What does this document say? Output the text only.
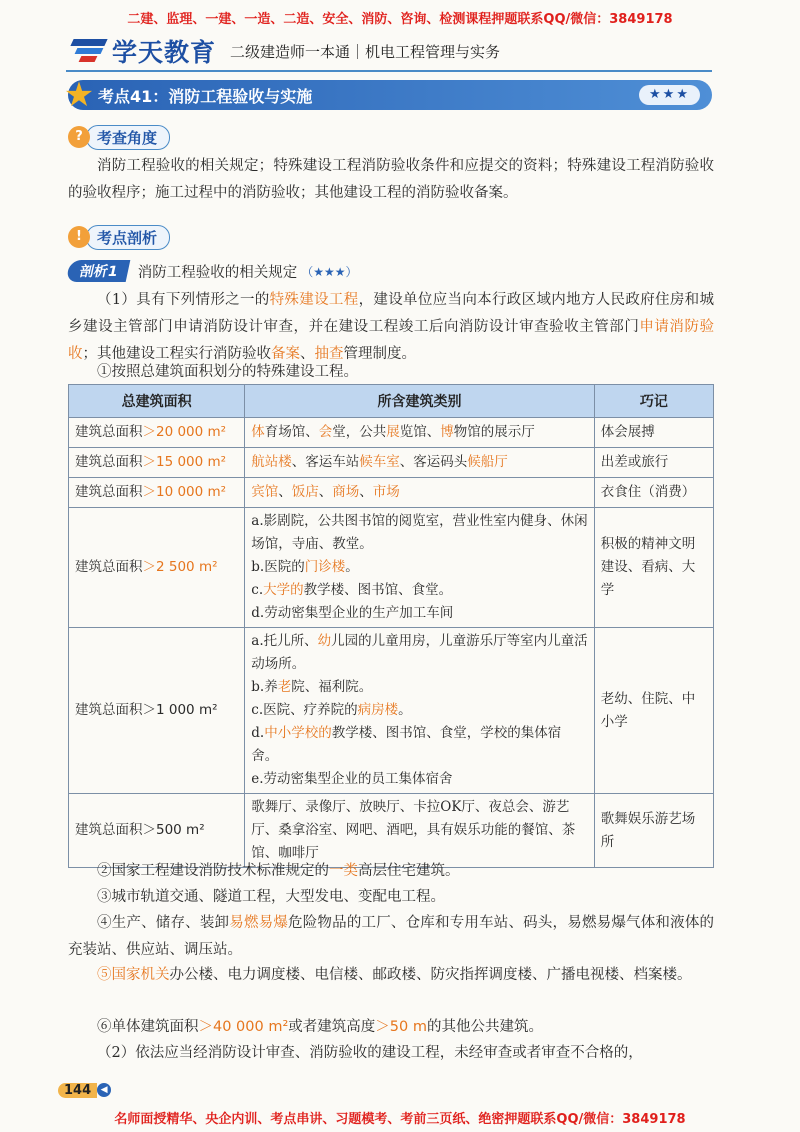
二建、监理、一建、一造、二造、安全、消防、咨询、检测课程押题联系QQ/微信：3849178
学天教育 二级建造师一本通｜机电工程管理与实务
★ 考点41：消防工程验收与实施	★★★
? 考查角度
消防工程验收的相关规定；特殊建设工程消防验收条件和应提交的资料；特殊建设工程消防验收的验收程序；施工过程中的消防验收；其他建设工程的消防验收备案。
!	考点剖析
剖析1	消防工程验收的相关规定 （★★★）
（1）具有下列情形之一的特殊建设工程，建设单位应当向本行政区域内地方人民政府住房和城乡建设主管部门申请消防设计审查，并在建设工程竣工后向消防设计审查验收主管部门申请消防验收；其他建设工程实行消防验收备案、抽查管理制度。
①按照总建筑面积划分的特殊建设工程。
总建筑面积	所含建筑类别	巧记
建筑总面积＞20 000 m²	体育场馆、会堂，公共展览馆、博物馆的展示厅	体会展搏
建筑总面积＞15 000 m²	航站楼、客运车站候车室、客运码头候船厅	出差或旅行
建筑总面积＞10 000 m²	宾馆、饭店、商场、市场	衣食住（消费）
建筑总面积＞2 500 m²	a.影剧院，公共图书馆的阅览室，营业性室内健身、休闲场馆，寺庙、教堂。
b.医院的门诊楼。
c.大学的教学楼、图书馆、食堂。
d.劳动密集型企业的生产加工车间	积极的精神文明建设、看病、大学
建筑总面积＞1 000 m²	a.托儿所、幼儿园的儿童用房，儿童游乐厅等室内儿童活动场所。
b.养老院、福利院。
c.医院、疗养院的病房楼。
d.中小学校的教学楼、图书馆、食堂，学校的集体宿舍。
e.劳动密集型企业的员工集体宿舍	老幼、住院、中小学
建筑总面积＞500 m²	歌舞厅、录像厅、放映厅、卡拉OK厅、夜总会、游艺厅、桑拿浴室、网吧、酒吧，具有娱乐功能的餐馆、茶馆、咖啡厅	歌舞娱乐游艺场所
②国家工程建设消防技术标准规定的一类高层住宅建筑。
③城市轨道交通、隧道工程，大型发电、变配电工程。
④生产、储存、装卸易燃易爆危险物品的工厂、仓库和专用车站、码头，易燃易爆气体和液体的充装站、供应站、调压站。
⑤国家机关办公楼、电力调度楼、电信楼、邮政楼、防灾指挥调度楼、广播电视楼、档案楼。
⑥单体建筑面积＞40 000 m²或者建筑高度＞50 m的其他公共建筑。
（2）依法应当经消防设计审查、消防验收的建设工程，未经审查或者审查不合格的，
144	◀
名师面授精华、央企内训、考点串讲、习题模考、考前三页纸、绝密押题联系QQ/微信：3849178
